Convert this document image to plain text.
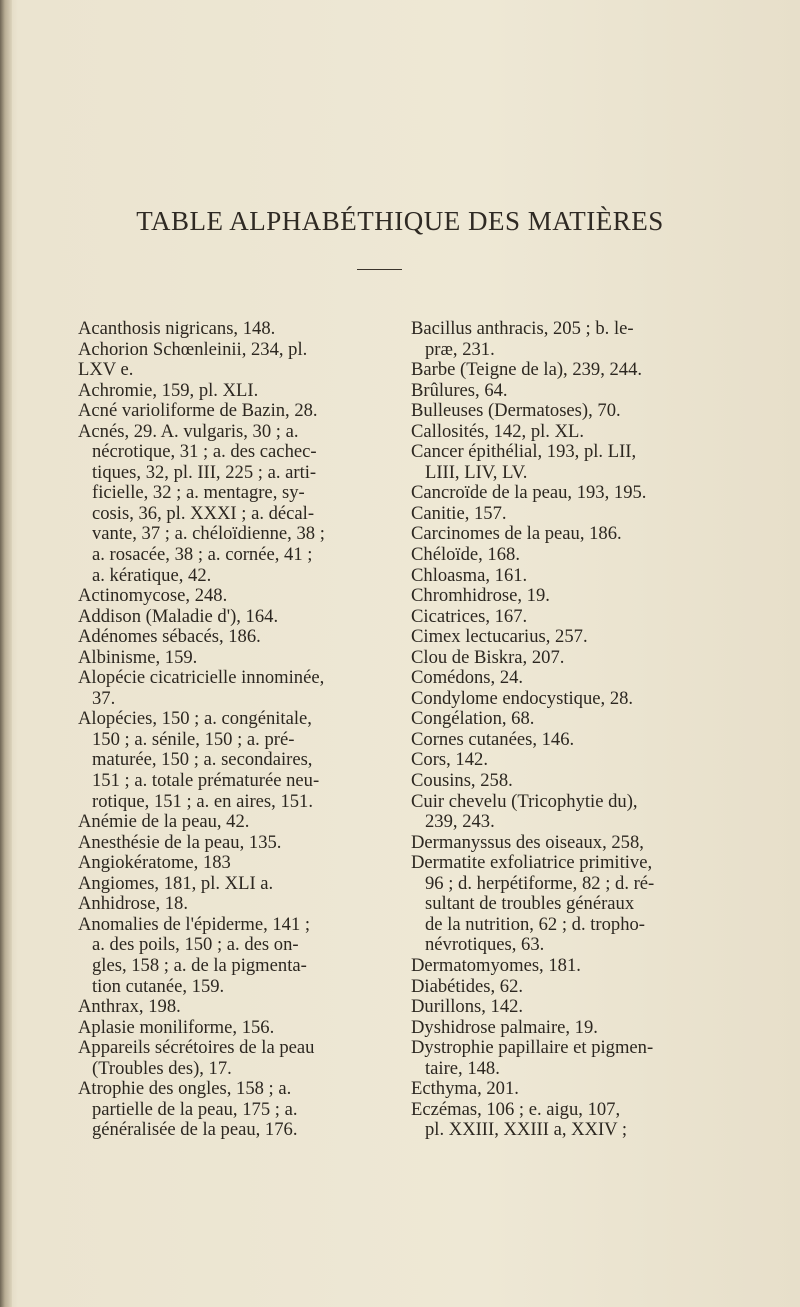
TABLE ALPHABÉTHIQUE DES MATIÈRES
Acanthosis nigricans, 148.
Achorion Schœnleinii, 234, pl.
LXV e.
Achromie, 159, pl. XLI.
Acné varioliforme de Bazin, 28.
Acnés, 29. A. vulgaris, 30 ; a.
nécrotique, 31 ; a. des cachec-
tiques, 32, pl. III, 225 ; a. arti-
ficielle, 32 ; a. mentagre, sy-
cosis, 36, pl. XXXI ; a. décal-
vante, 37 ; a. chéloïdienne, 38 ;
a. rosacée, 38 ; a. cornée, 41 ;
a. kératique, 42.
Actinomycose, 248.
Addison (Maladie d'), 164.
Adénomes sébacés, 186.
Albinisme, 159.
Alopécie cicatricielle innominée,
37.
Alopécies, 150 ; a. congénitale,
150 ; a. sénile, 150 ; a. pré-
maturée, 150 ; a. secondaires,
151 ; a. totale prématurée neu-
rotique, 151 ; a. en aires, 151.
Anémie de la peau, 42.
Anesthésie de la peau, 135.
Angiokératome, 183
Angiomes, 181, pl. XLI a.
Anhidrose, 18.
Anomalies de l'épiderme, 141 ;
a. des poils, 150 ; a. des on-
gles, 158 ; a. de la pigmenta-
tion cutanée, 159.
Anthrax, 198.
Aplasie moniliforme, 156.
Appareils sécrétoires de la peau
(Troubles des), 17.
Atrophie des ongles, 158 ; a.
partielle de la peau, 175 ; a.
généralisée de la peau, 176.
Bacillus anthracis, 205 ; b. le-
præ, 231.
Barbe (Teigne de la), 239, 244.
Brûlures, 64.
Bulleuses (Dermatoses), 70.
Callosités, 142, pl. XL.
Cancer épithélial, 193, pl. LII,
LIII, LIV, LV.
Cancroïde de la peau, 193, 195.
Canitie, 157.
Carcinomes de la peau, 186.
Chéloïde, 168.
Chloasma, 161.
Chromhidrose, 19.
Cicatrices, 167.
Cimex lectucarius, 257.
Clou de Biskra, 207.
Comédons, 24.
Condylome endocystique, 28.
Congélation, 68.
Cornes cutanées, 146.
Cors, 142.
Cousins, 258.
Cuir chevelu (Tricophytie du),
239, 243.
Dermanyssus des oiseaux, 258,
Dermatite exfoliatrice primitive,
96 ; d. herpétiforme, 82 ; d. ré-
sultant de troubles généraux
de la nutrition, 62 ; d. tropho-
névrotiques, 63.
Dermatomyomes, 181.
Diabétides, 62.
Durillons, 142.
Dyshidrose palmaire, 19.
Dystrophie papillaire et pigmen-
taire, 148.
Ecthyma, 201.
Eczémas, 106 ; e. aigu, 107,
pl. XXIII, XXIII a, XXIV ;
